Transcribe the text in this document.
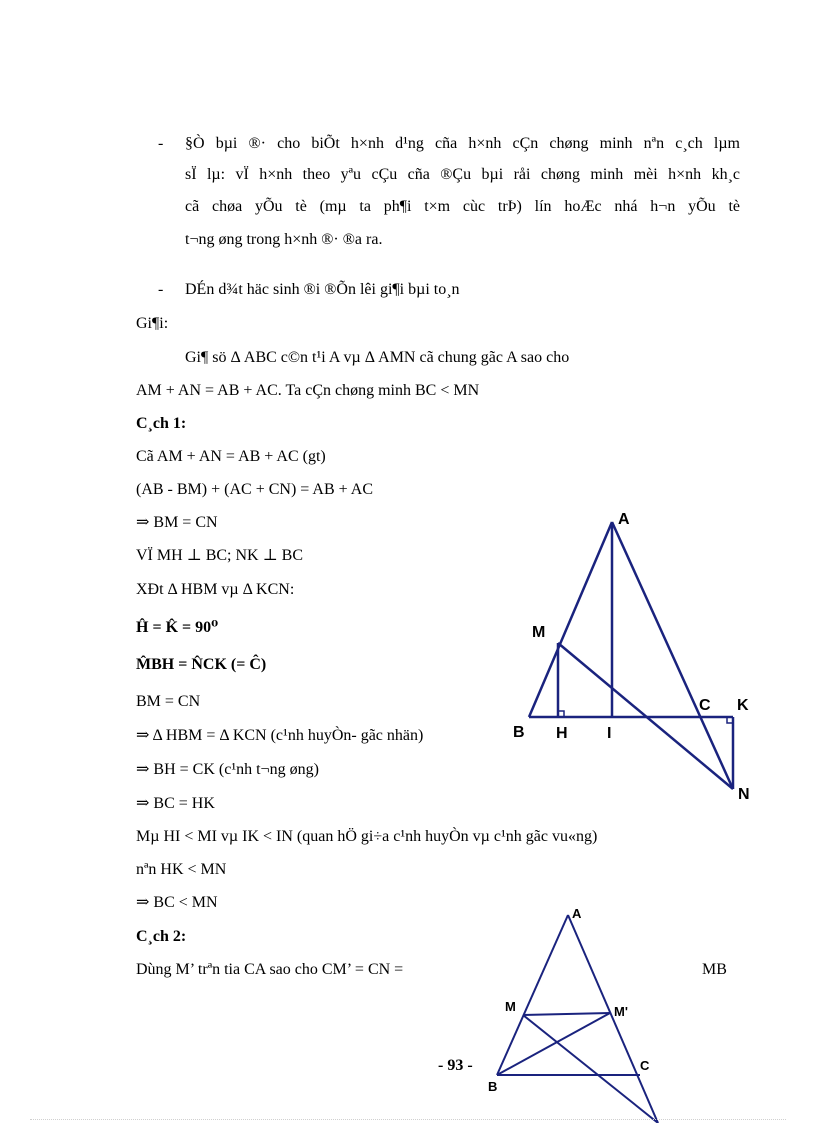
- §Ò bµi ®· cho biÕt h×nh d¹ng cña h×nh cÇn chøng minh nªn c¸ch lµm
sÏ lµ: vÏ h×nh theo yªu cÇu cña ®Çu bµi råi chøng minh mèi h×nh kh¸c
cã chøa yÕu tè (mµ ta ph¶i t×m cùc trÞ) lín hoÆc nhá h¬n yÕu tè
t¬ng øng trong h×nh ®· ®a ra.
- DÉn d¾t häc sinh ®i ®Õn lêi gi¶i bµi to¸n
Gi¶i:
Gi¶ sö Δ ABC c©n t¹i A vµ Δ AMN cã chung gãc A sao cho
AM + AN = AB + AC. Ta cÇn chøng minh BC < MN
C¸ch 1:
Cã AM + AN = AB + AC (gt)
(AB - BM) + (AC + CN) = AB + AC
⇒ BM = CN
VÏ MH ⊥ BC; NK ⊥ BC
XÐt Δ HBM vµ Δ KCN:
Ĥ = K̂ = 90⁰
M̂BH = N̂CK (= Ĉ)
BM = CN
⇒ Δ HBM = Δ KCN (c¹nh huyÒn- gãc nhän)
⇒ BH = CK (c¹nh t¬ng øng)
⇒ BC = HK
Mµ HI < MI vµ IK < IN (quan hÖ gi÷a c¹nh huyÒn vµ c¹nh gãc vu«ng)
nªn HK < MN
⇒ BC < MN
C¸ch 2:
Dùng M’ trªn tia CA sao cho CM’ = CN =	MB
A
M
B H I
C K
N
A
M	M'
B
C
- 93 -
